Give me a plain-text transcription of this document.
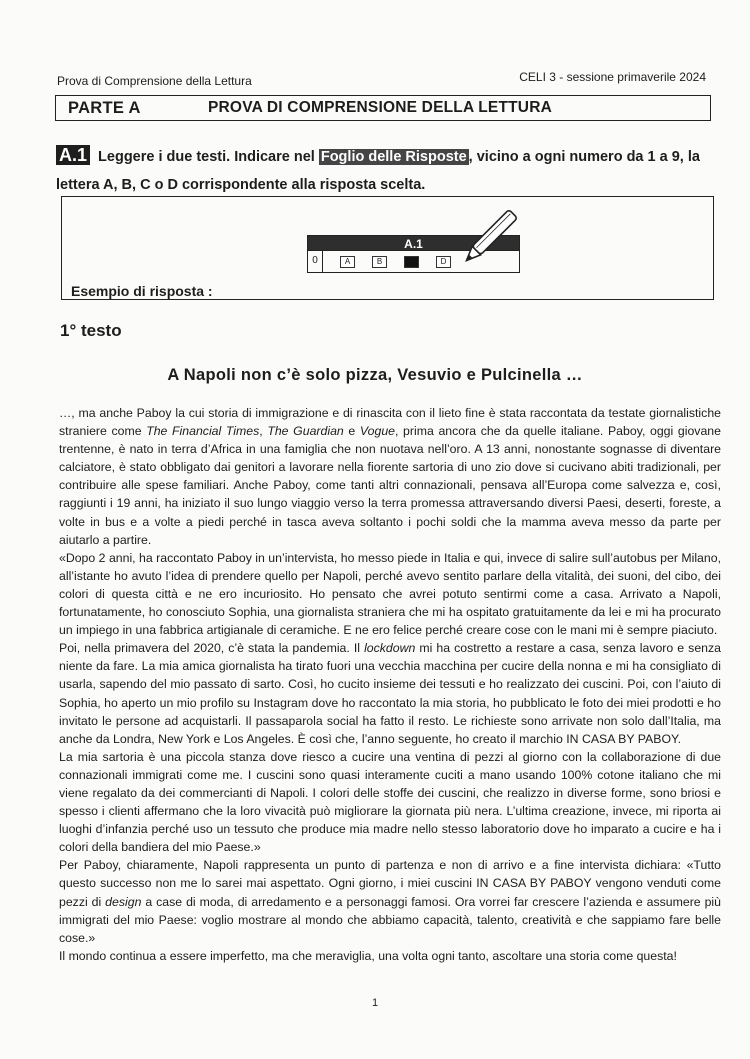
Prova di Comprensione della Lettura	CELI 3 - sessione primaverile 2024
PARTE A	PROVA DI COMPRENSIONE DELLA LETTURA
A.1 Leggere i due testi. Indicare nel Foglio delle Risposte , vicino a ogni numero da 1 a 9, la lettera A, B, C o D corrispondente alla risposta scelta.
A.1
0	A	B	C	D
Esempio di risposta :
1° testo
A Napoli non c’è solo pizza, Vesuvio e Pulcinella …

…, ma anche Paboy la cui storia di immigrazione e di rinascita con il lieto fine è stata raccontata da testate giornalistiche straniere come The Financial Times, The Guardian e Vogue, prima ancora che da quelle italiane. Paboy, oggi giovane trentenne, è nato in terra d’Africa in una famiglia che non nuotava nell’oro. A 13 anni, nonostante sognasse di diventare calciatore, è stato obbligato dai genitori a lavorare nella fiorente sartoria di uno zio dove si cucivano abiti tradizionali, per contribuire alle spese familiari. Anche Paboy, come tanti altri connazionali, pensava all’Europa come salvezza e, così, raggiunti i 19 anni, ha iniziato il suo lungo viaggio verso la terra promessa attraversando diversi Paesi, deserti, foreste, a volte in bus e a volte a piedi perché in tasca aveva soltanto i pochi soldi che la mamma aveva messo da parte per aiutarlo a partire.

«Dopo 2 anni, ha raccontato Paboy in un’intervista, ho messo piede in Italia e qui, invece di salire sull’autobus per Milano, all’istante ho avuto l’idea di prendere quello per Napoli, perché avevo sentito parlare della vitalità, dei suoni, del cibo, dei colori di questa città e ne ero incuriosito. Ho pensato che avrei potuto sentirmi come a casa. Arrivato a Napoli, fortunatamente, ho conosciuto Sophia, una giornalista straniera che mi ha ospitato gratuitamente da lei e mi ha procurato un impiego in una fabbrica artigianale di ceramiche. E ne ero felice perché creare cose con le mani mi è sempre piaciuto.

Poi, nella primavera del 2020, c’è stata la pandemia. Il lockdown mi ha costretto a restare a casa, senza lavoro e senza niente da fare. La mia amica giornalista ha tirato fuori una vecchia macchina per cucire della nonna e mi ha consigliato di usarla, sapendo del mio passato di sarto. Così, ho cucito insieme dei tessuti e ho realizzato dei cuscini. Poi, con l’aiuto di Sophia, ho aperto un mio profilo su Instagram dove ho raccontato la mia storia, ho pubblicato le foto dei miei prodotti e ho invitato le persone ad acquistarli. Il passaparola social ha fatto il resto. Le richieste sono arrivate non solo dall’Italia, ma anche da Londra, New York e Los Angeles. È così che, l’anno seguente, ho creato il marchio IN CASA BY PABOY.

La mia sartoria è una piccola stanza dove riesco a cucire una ventina di pezzi al giorno con la collaborazione di due connazionali immigrati come me. I cuscini sono quasi interamente cuciti a mano usando 100% cotone italiano che mi viene regalato da dei commercianti di Napoli. I colori delle stoffe dei cuscini, che realizzo in diverse forme, sono briosi e spesso i clienti affermano che la loro vivacità può migliorare la giornata più nera. L’ultima creazione, invece, mi riporta ai luoghi d’infanzia perché uso un tessuto che produce mia madre nello stesso laboratorio dove ho imparato a cucire e ha i colori della bandiera del mio Paese.»

Per Paboy, chiaramente, Napoli rappresenta un punto di partenza e non di arrivo e a fine intervista dichiara: «Tutto questo successo non me lo sarei mai aspettato. Ogni giorno, i miei cuscini IN CASA BY PABOY vengono venduti come pezzi di design a case di moda, di arredamento e a personaggi famosi. Ora vorrei far crescere l’azienda e assumere più immigrati del mio Paese: voglio mostrare al mondo che abbiamo capacità, talento, creatività e che sappiamo fare belle cose.»

Il mondo continua a essere imperfetto, ma che meraviglia, una volta ogni tanto, ascoltare una storia come questa!

1
